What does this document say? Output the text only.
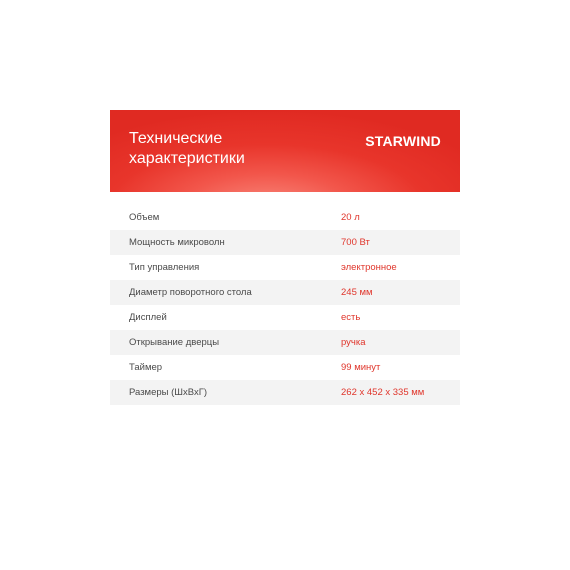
Технические
характеристики
STARWIND
Объем	20 л
Мощность микроволн	700 Вт
Тип управления	электронное
Диаметр поворотного стола	245 мм
Дисплей	есть
Открывание дверцы	ручка
Таймер	99 минут
Размеры (ШхВхГ)	262 х 452 х 335 мм
